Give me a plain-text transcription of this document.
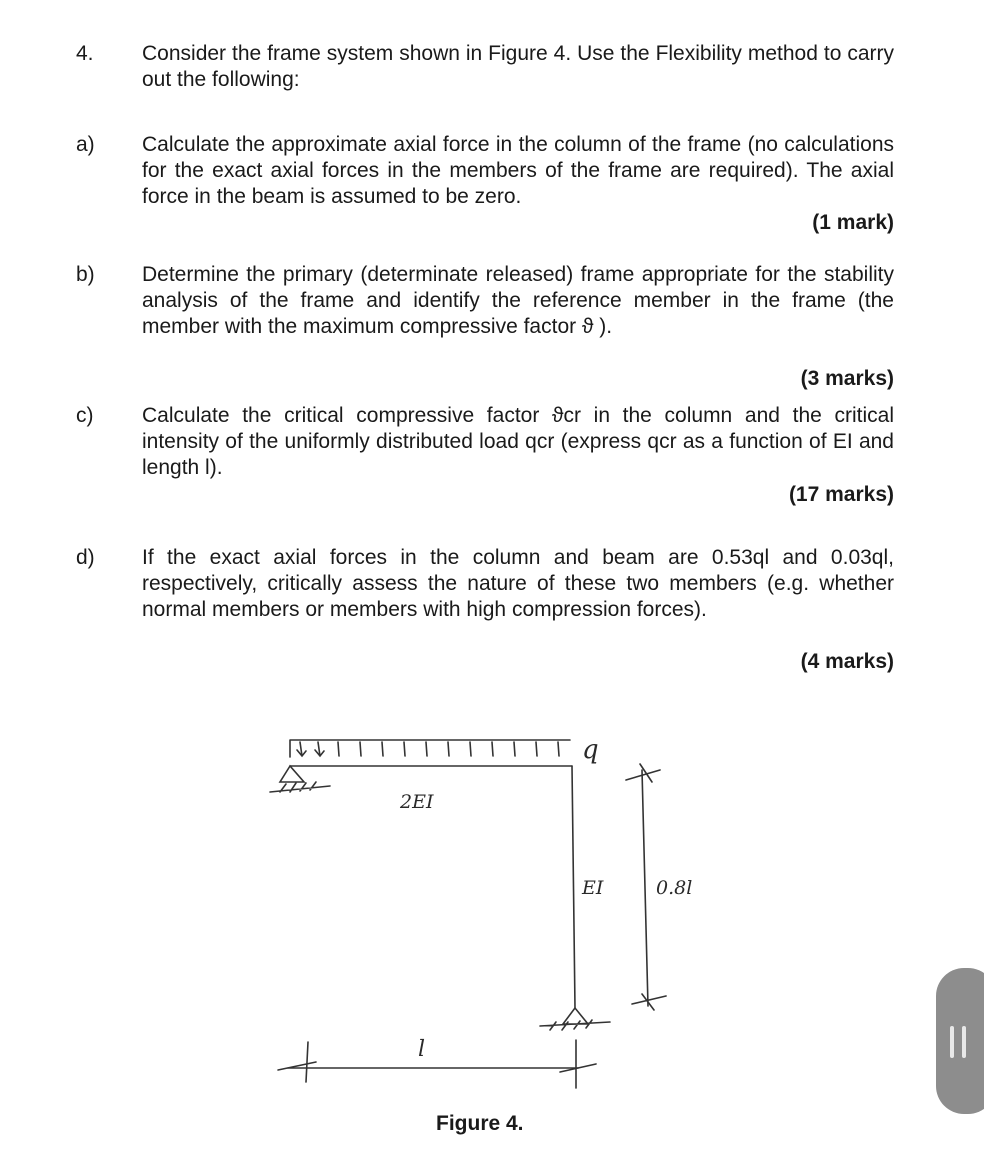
4. Consider the frame system shown in Figure 4. Use the Flexibility method to carry out the following:
a) Calculate the approximate axial force in the column of the frame (no calculations for the exact axial forces in the members of the frame are required). The axial force in the beam is assumed to be zero.
(1 mark)
b) Determine the primary (determinate released) frame appropriate for the stability analysis of the frame and identify the reference member in the frame (the member with the maximum compressive factor ϑ ).
(3 marks)
c) Calculate the critical compressive factor ϑcr in the column and the critical intensity of the uniformly distributed load qcr (express qcr as a function of EI and length l).
(17 marks)
d) If the exact axial forces in the column and beam are 0.53ql and 0.03ql, respectively, critically assess the nature of these two members (e.g. whether normal members or members with high compression forces).
(4 marks)
q
2EI
EI	0.8l
l
Figure 4.
